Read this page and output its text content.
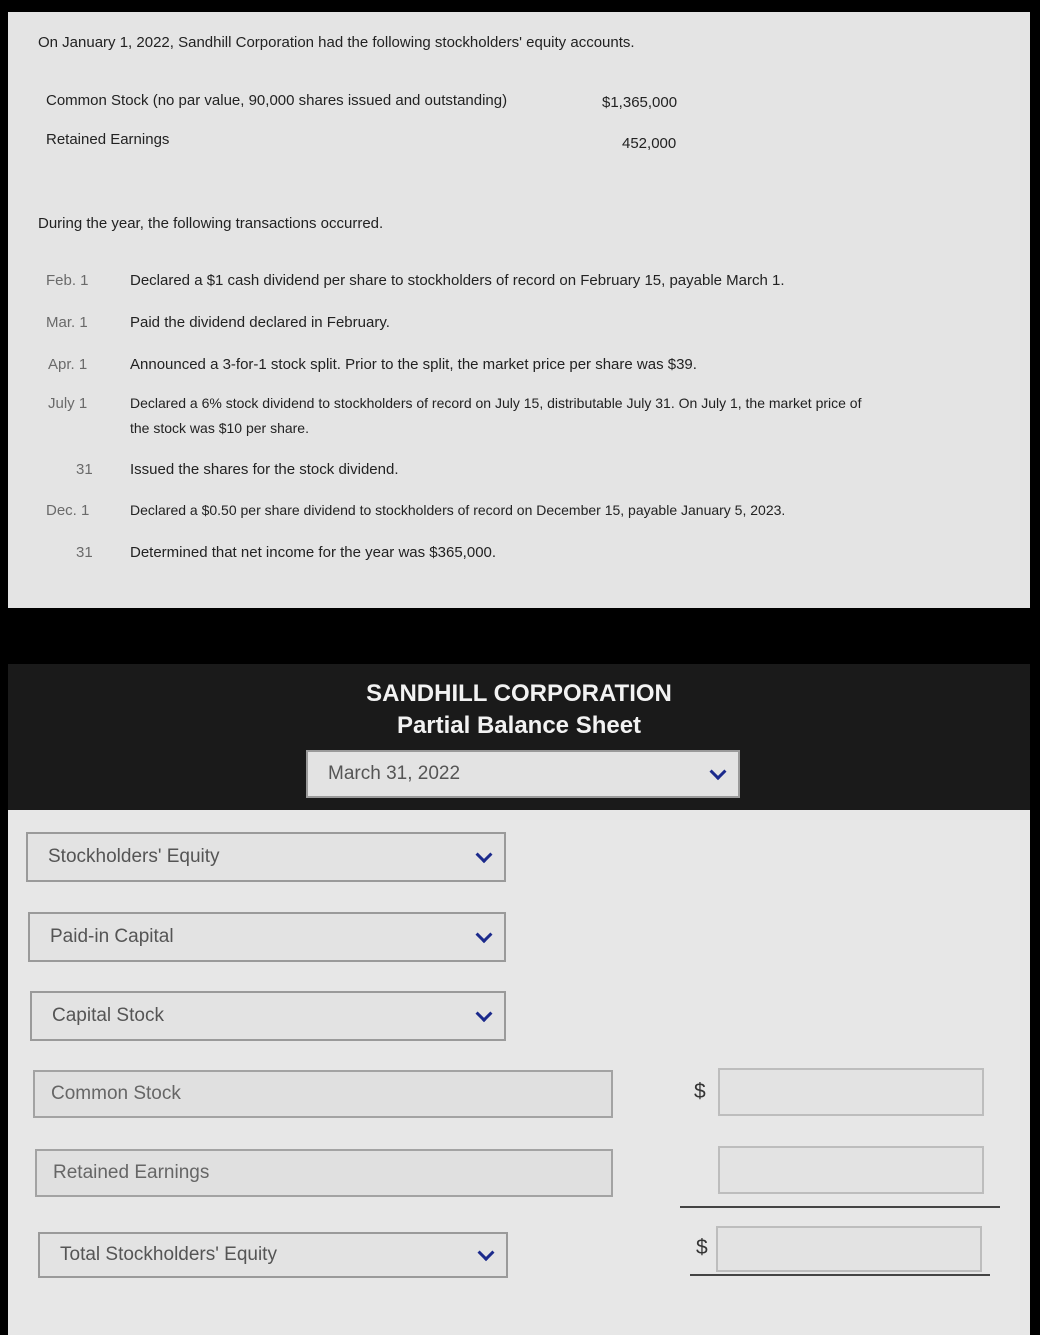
On January 1, 2022, Sandhill Corporation had the following stockholders' equity accounts.
Common Stock (no par value, 90,000 shares issued and outstanding)	$1,365,000
Retained Earnings	452,000
During the year, the following transactions occurred.
Feb. 1	Declared a $1 cash dividend per share to stockholders of record on February 15, payable March 1.
Mar. 1	Paid the dividend declared in February.
Apr. 1	Announced a 3-for-1 stock split. Prior to the split, the market price per share was $39.
July 1	Declared a 6% stock dividend to stockholders of record on July 15, distributable July 31. On July 1, the market price of
the stock was $10 per share.
31 Issued the shares for the stock dividend.
Dec. 1	Declared a $0.50 per share dividend to stockholders of record on December 15, payable January 5, 2023.
31 Determined that net income for the year was $365,000.
SANDHILL CORPORATION
Partial Balance Sheet
March 31, 2022
Stockholders' Equity
Paid-in Capital
Capital Stock
Common Stock	$
Retained Earnings
Total Stockholders' Equity	$
